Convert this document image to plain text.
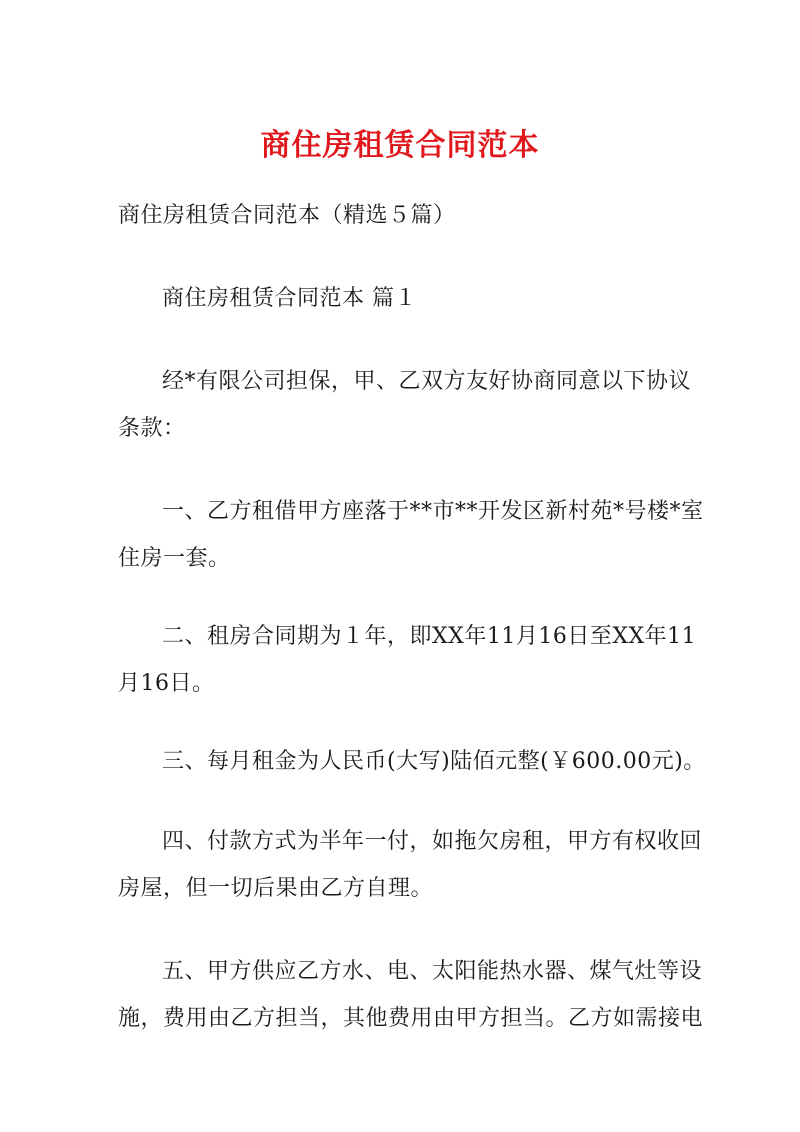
商住房租赁合同范本
商住房租赁合同范本（精选５篇）
商住房租赁合同范本 篇１
经*有限公司担保，甲、乙双方友好协商同意以下协议
条款：
一、乙方租借甲方座落于**市**开发区新村苑*号楼*室
住房一套。
二、租房合同期为１年，即XX年11月16日至XX年11
月16日。
三、每月租金为人民币(大写)陆佰元整(￥600.00元)。
四、付款方式为半年一付，如拖欠房租，甲方有权收回
房屋，但一切后果由乙方自理。
五、甲方供应乙方水、电、太阳能热水器、煤气灶等设
施，费用由乙方担当，其他费用由甲方担当。乙方如需接电
